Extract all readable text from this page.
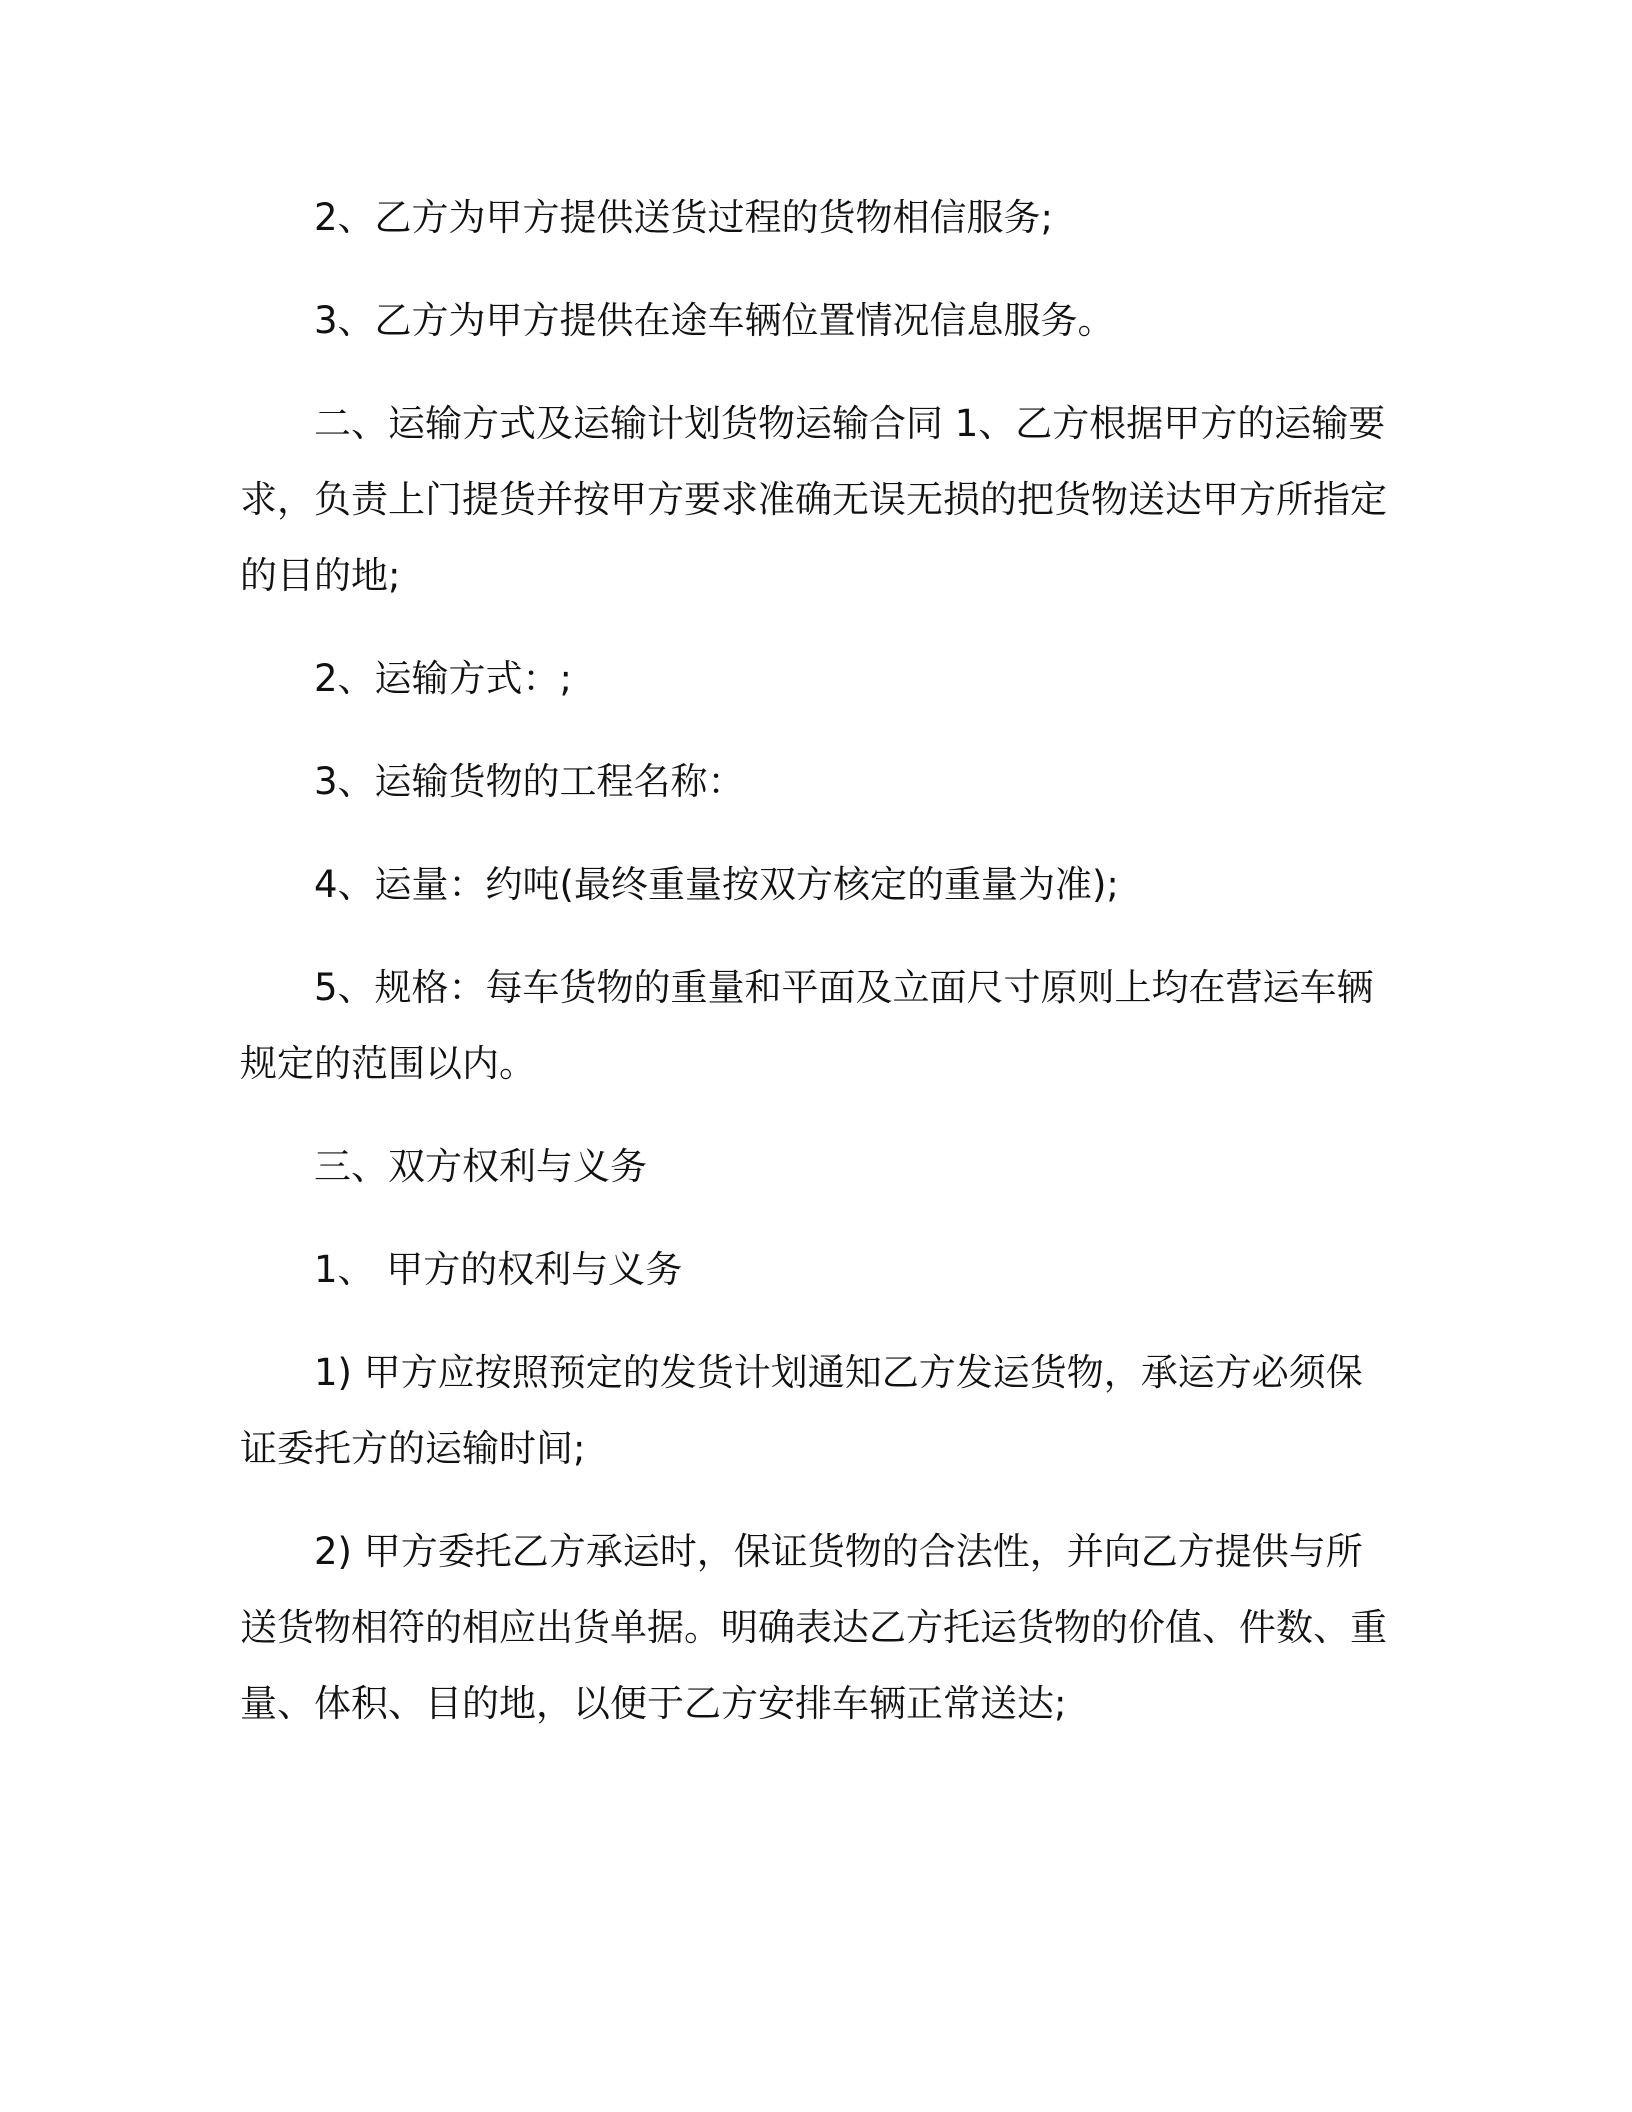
2、乙方为甲方提供送货过程的货物相信服务;

3、乙方为甲方提供在途车辆位置情况信息服务。

二、运输方式及运输计划货物运输合同 1、乙方根据甲方的运输要求，负责上门提货并按甲方要求准确无误无损的把货物送达甲方所指定的目的地;

2、运输方式：;

3、运输货物的工程名称：

4、运量：约吨(最终重量按双方核定的重量为准);

5、规格：每车货物的重量和平面及立面尺寸原则上均在营运车辆规定的范围以内。

三、双方权利与义务

1、 甲方的权利与义务

1) 甲方应按照预定的发货计划通知乙方发运货物，承运方必须保证委托方的运输时间;

2) 甲方委托乙方承运时，保证货物的合法性，并向乙方提供与所送货物相符的相应出货单据。明确表达乙方托运货物的价值、件数、重量、体积、目的地，以便于乙方安排车辆正常送达;
